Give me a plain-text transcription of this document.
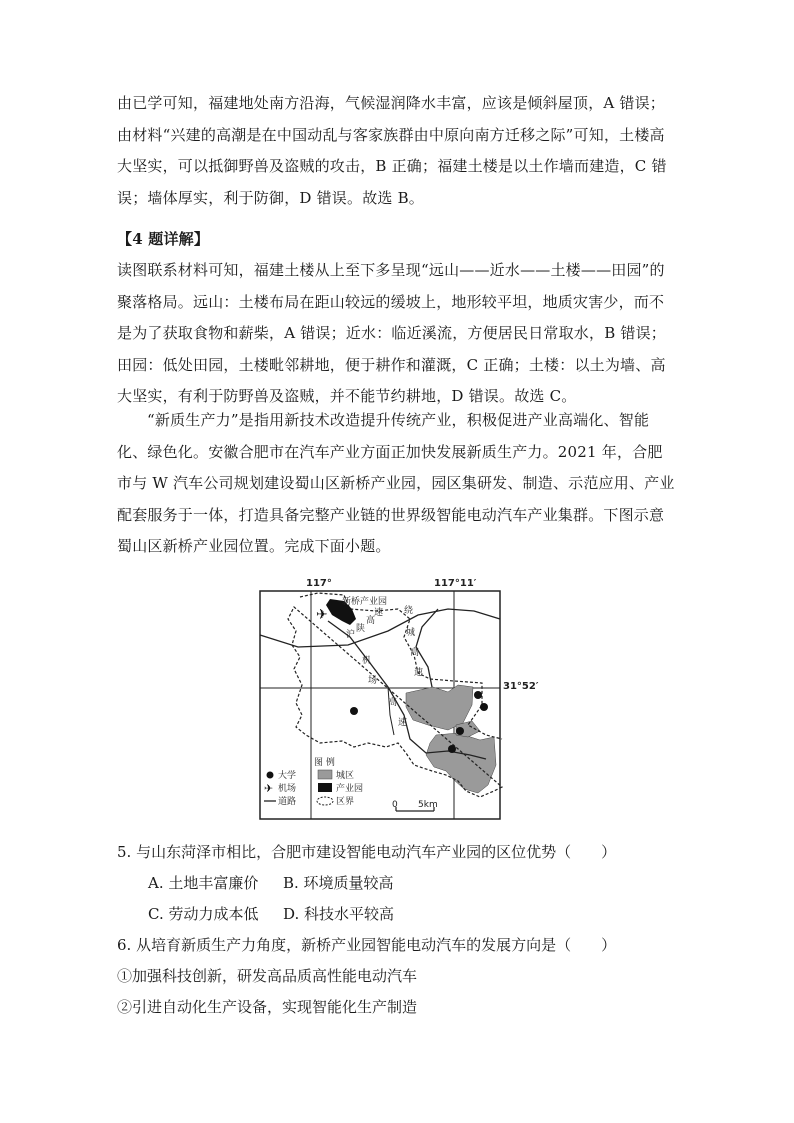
由已学可知，福建地处南方沿海，气候湿润降水丰富，应该是倾斜屋顶，A 错误；由材料“兴建的高潮是在中国动乱与客家族群由中原向南方迁移之际”可知，土楼高大坚实，可以抵御野兽及盗贼的攻击，B 正确；福建土楼是以土作墙而建造，C 错误；墙体厚实，利于防御，D 错误。故选 B。

【4 题详解】

读图联系材料可知，福建土楼从上至下多呈现“远山——近水——土楼——田园”的聚落格局。远山：土楼布局在距山较远的缓坡上，地形较平坦，地质灾害少，而不是为了获取食物和薪柴，A 错误；近水：临近溪流，方便居民日常取水，B 错误；田园：低处田园，土楼毗邻耕地，便于耕作和灌溉，C 正确；土楼：以土为墙、高大坚实，有利于防野兽及盗贼，并不能节约耕地，D 错误。故选 C。

“新质生产力”是指用新技术改造提升传统产业，积极促进产业高端化、智能化、绿色化。安徽合肥市在汽车产业方面正加快发展新质生产力。2021 年，合肥市与 W 汽车公司规划建设蜀山区新桥产业园，园区集研发、制造、示范应用、产业配套服务于一体，打造具备完整产业链的世界级智能电动汽车产业集群。下图示意蜀山区新桥产业园位置。完成下面小题。

117°	117°11′
新桥产业园
✈
沪
陕
高
速 绕
城
高
速
机
场
高
速
图 例
大学	城区
✈ 机场	产业园
道路	区界	0 5km
31°52′
5. 与山东菏泽市相比，合肥市建设智能电动汽车产业园的区位优势（　　）
A. 土地丰富廉价 B. 环境质量较高
C. 劳动力成本低 D. 科技水平较高
6. 从培育新质生产力角度，新桥产业园智能电动汽车的发展方向是（　　）
①加强科技创新，研发高品质高性能电动汽车
②引进自动化生产设备，实现智能化生产制造
